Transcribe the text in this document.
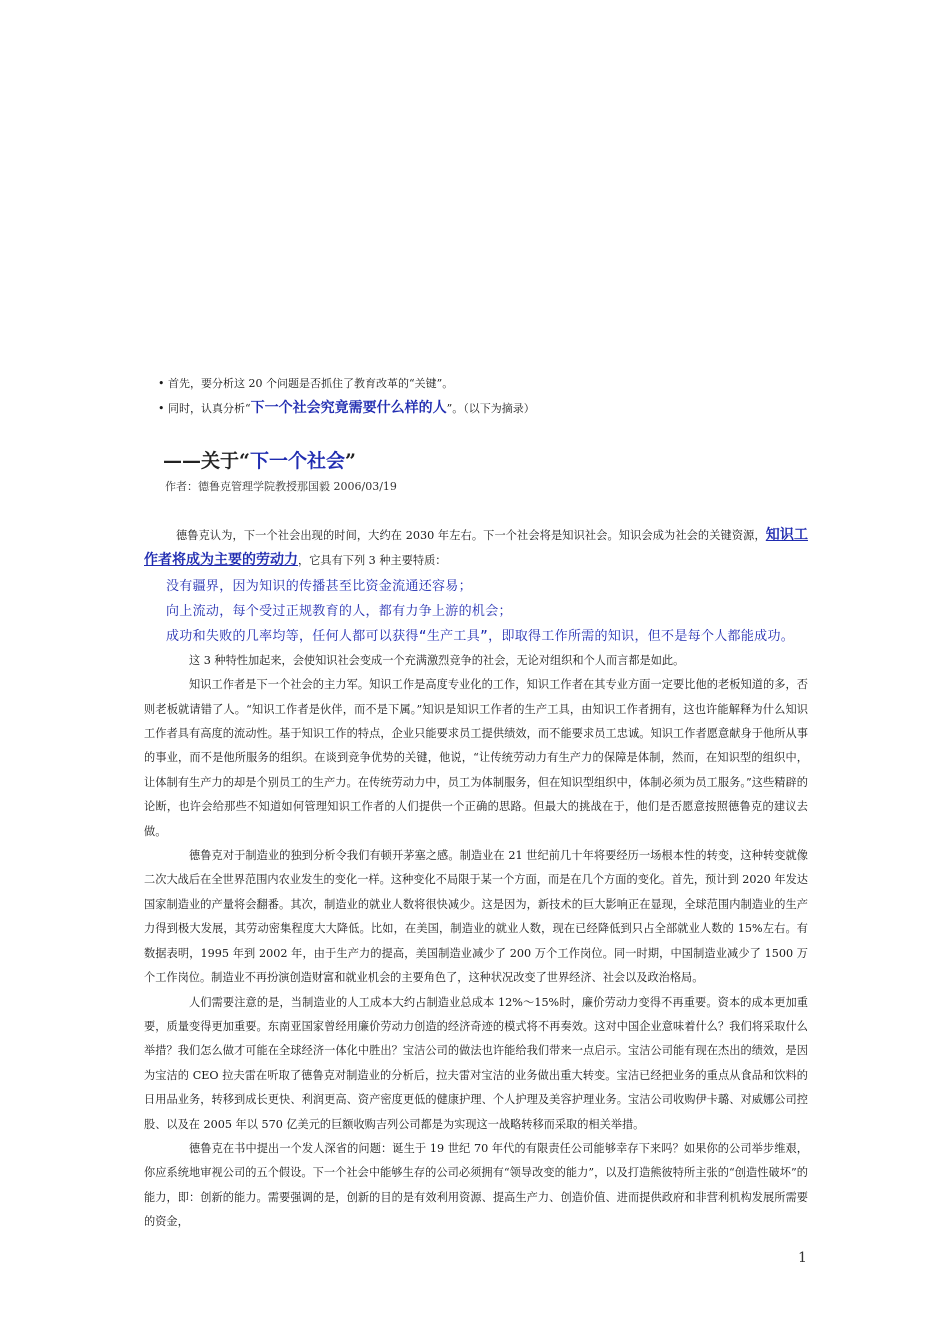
• 首先，要分析这 20 个问题是否抓住了教育改革的“关键”。
• 同时，认真分析“下一个社会究竟需要什么样的人”。（以下为摘录）
——关于“下一个社会”
作者：德鲁克管理学院教授那国毅 2006/03/19

德鲁克认为，下一个社会出现的时间，大约在 2030 年左右。下一个社会将是知识社会。知识会成为社会的关键资源，知识工作者将成为主要的劳动力，它具有下列 3 种主要特质：

没有疆界，因为知识的传播甚至比资金流通还容易；

向上流动，每个受过正规教育的人，都有力争上游的机会；

成功和失败的几率均等，任何人都可以获得“生产工具”，即取得工作所需的知识，但不是每个人都能成功。

这 3 种特性加起来，会使知识社会变成一个充满激烈竞争的社会，无论对组织和个人而言都是如此。

知识工作者是下一个社会的主力军。知识工作是高度专业化的工作，知识工作者在其专业方面一定要比他的老板知道的多，否则老板就请错了人。“知识工作者是伙伴，而不是下属。”知识是知识工作者的生产工具，由知识工作者拥有，这也许能解释为什么知识工作者具有高度的流动性。基于知识工作的特点，企业只能要求员工提供绩效，而不能要求员工忠诚。知识工作者愿意献身于他所从事的事业，而不是他所服务的组织。在谈到竞争优势的关键，他说，“让传统劳动力有生产力的保障是体制，然而，在知识型的组织中，让体制有生产力的却是个别员工的生产力。在传统劳动力中，员工为体制服务，但在知识型组织中，体制必须为员工服务。”这些精辟的论断，也许会给那些不知道如何管理知识工作者的人们提供一个正确的思路。但最大的挑战在于，他们是否愿意按照德鲁克的建议去做。

德鲁克对于制造业的独到分析令我们有顿开茅塞之感。制造业在 21 世纪前几十年将要经历一场根本性的转变，这种转变就像二次大战后在全世界范围内农业发生的变化一样。这种变化不局限于某一个方面，而是在几个方面的变化。首先，预计到 2020 年发达国家制造业的产量将会翻番。其次，制造业的就业人数将很快减少。这是因为，新技术的巨大影响正在显现，全球范围内制造业的生产力得到极大发展，其劳动密集程度大大降低。比如，在美国，制造业的就业人数，现在已经降低到只占全部就业人数的 15%左右。有数据表明，1995 年到 2002 年，由于生产力的提高，美国制造业减少了 200 万个工作岗位。同一时期，中国制造业减少了 1500 万个工作岗位。制造业不再扮演创造财富和就业机会的主要角色了，这种状况改变了世界经济、社会以及政治格局。

人们需要注意的是，当制造业的人工成本大约占制造业总成本 12%～15%时，廉价劳动力变得不再重要。资本的成本更加重要，质量变得更加重要。东南亚国家曾经用廉价劳动力创造的经济奇迹的模式将不再奏效。这对中国企业意味着什么？我们将采取什么举措？我们怎么做才可能在全球经济一体化中胜出？宝洁公司的做法也许能给我们带来一点启示。宝洁公司能有现在杰出的绩效，是因为宝洁的 CEO 拉夫雷在听取了德鲁克对制造业的分析后，拉夫雷对宝洁的业务做出重大转变。宝洁已经把业务的重点从食品和饮料的日用品业务，转移到成长更快、利润更高、资产密度更低的健康护理、个人护理及美容护理业务。宝洁公司收购伊卡璐、对威娜公司控股、以及在 2005 年以 570 亿美元的巨额收购吉列公司都是为实现这一战略转移而采取的相关举措。

德鲁克在书中提出一个发人深省的问题：诞生于 19 世纪 70 年代的有限责任公司能够幸存下来吗？如果你的公司举步维艰，你应系统地审视公司的五个假设。下一个社会中能够生存的公司必须拥有“领导改变的能力”，以及打造熊彼特所主张的“创造性破坏”的能力，即：创新的能力。需要强调的是，创新的目的是有效利用资源、提高生产力、创造价值、进而提供政府和非营利机构发展所需要的资金，

1
